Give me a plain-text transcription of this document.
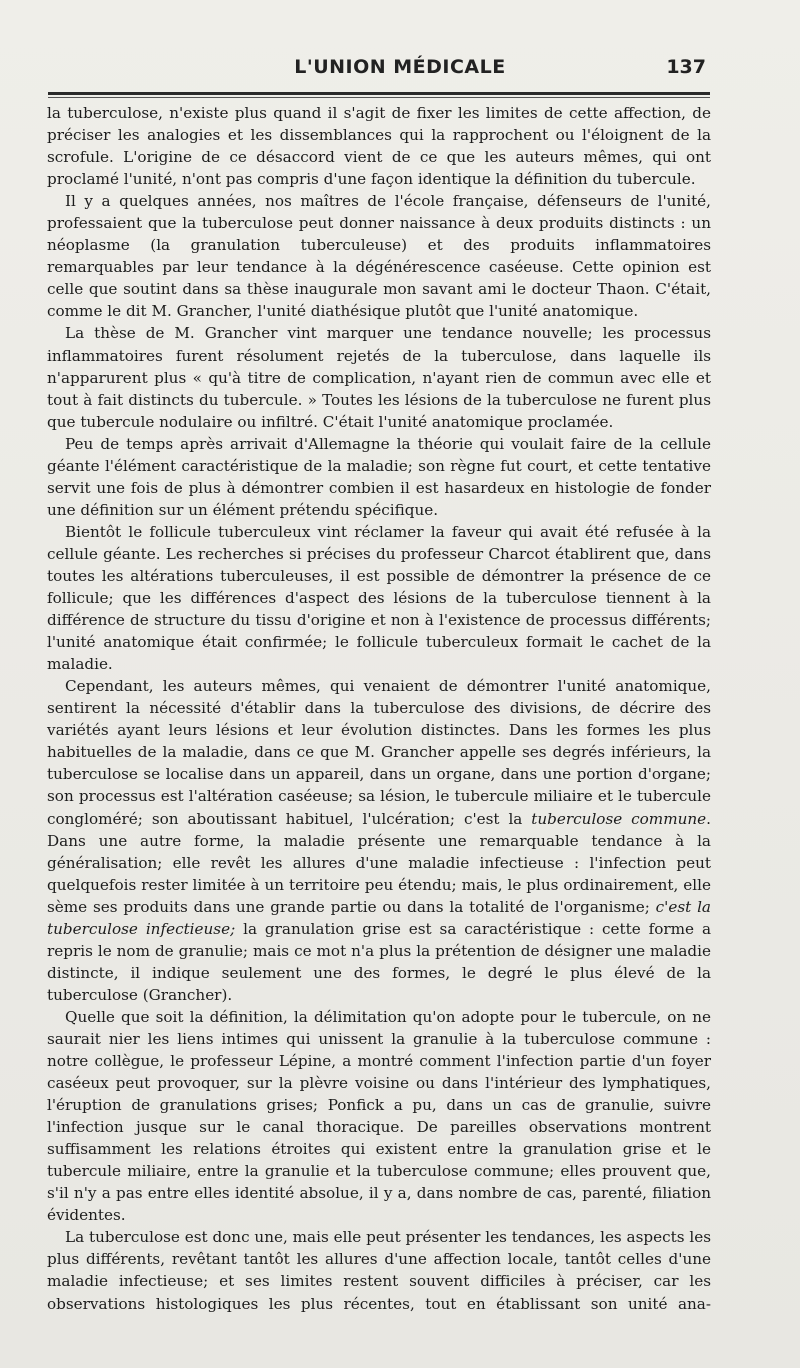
L'UNION MÉDICALE	137

la tuberculose, n'existe plus quand il s'agit de fixer les limites de cette affection, de préciser les analogies et les dissemblances qui la rapprochent ou l'éloignent de la scrofule. L'origine de ce désaccord vient de ce que les auteurs mêmes, qui ont proclamé l'unité, n'ont pas compris d'une façon identique la définition du tubercule.

Il y a quelques années, nos maîtres de l'école française, défenseurs de l'unité, professaient que la tuberculose peut donner naissance à deux produits distincts : un néoplasme (la granulation tuberculeuse) et des produits inflammatoires remarquables par leur tendance à la dégénérescence caséeuse. Cette opinion est celle que soutint dans sa thèse inaugurale mon savant ami le docteur Thaon. C'était, comme le dit M. Grancher, l'unité diathésique plutôt que l'unité anatomique.

La thèse de M. Grancher vint marquer une tendance nouvelle; les processus inflammatoires furent résolument rejetés de la tuberculose, dans laquelle ils n'apparurent plus « qu'à titre de complication, n'ayant rien de commun avec elle et tout à fait distincts du tubercule. » Toutes les lésions de la tuberculose ne furent plus que tubercule nodulaire ou infiltré. C'était l'unité anatomique proclamée.

Peu de temps après arrivait d'Allemagne la théorie qui voulait faire de la cellule géante l'élément caractéristique de la maladie; son règne fut court, et cette tentative servit une fois de plus à démontrer combien il est hasardeux en histologie de fonder une définition sur un élément prétendu spécifique.

Bientôt le follicule tuberculeux vint réclamer la faveur qui avait été refusée à la cellule géante. Les recherches si précises du professeur Charcot établirent que, dans toutes les altérations tuberculeuses, il est possible de démontrer la présence de ce follicule; que les différences d'aspect des lésions de la tuberculose tiennent à la différence de structure du tissu d'origine et non à l'existence de processus différents; l'unité anatomique était confirmée; le follicule tuberculeux formait le cachet de la maladie.

Cependant, les auteurs mêmes, qui venaient de démontrer l'unité anatomique, sentirent la nécessité d'établir dans la tuberculose des divisions, de décrire des variétés ayant leurs lésions et leur évolution distinctes. Dans les formes les plus habituelles de la maladie, dans ce que M. Grancher appelle ses degrés inférieurs, la tuberculose se localise dans un appareil, dans un organe, dans une portion d'organe; son processus est l'altération caséeuse; sa lésion, le tubercule miliaire et le tubercule congloméré; son aboutissant habituel, l'ulcération; c'est la tuberculose commune. Dans une autre forme, la maladie présente une remarquable tendance à la généralisation; elle revêt les allures d'une maladie infectieuse : l'infection peut quelquefois rester limitée à un territoire peu étendu; mais, le plus ordinairement, elle sème ses produits dans une grande partie ou dans la totalité de l'organisme; c'est la tuberculose infectieuse; la granulation grise est sa caractéristique : cette forme a repris le nom de granulie; mais ce mot n'a plus la prétention de désigner une maladie distincte, il indique seulement une des formes, le degré le plus élevé de la tuberculose (Grancher).

Quelle que soit la définition, la délimitation qu'on adopte pour le tubercule, on ne saurait nier les liens intimes qui unissent la granulie à la tuberculose commune : notre collègue, le professeur Lépine, a montré comment l'infection partie d'un foyer caséeux peut provoquer, sur la plèvre voisine ou dans l'intérieur des lymphatiques, l'éruption de granulations grises; Ponfick a pu, dans un cas de granulie, suivre l'infection jusque sur le canal thoracique. De pareilles observations montrent suffisamment les relations étroites qui existent entre la granulation grise et le tubercule miliaire, entre la granulie et la tuberculose commune; elles prouvent que, s'il n'y a pas entre elles identité absolue, il y a, dans nombre de cas, parenté, filiation évidentes.

La tuberculose est donc une, mais elle peut présenter les tendances, les aspects les plus différents, revêtant tantôt les allures d'une affection locale, tantôt celles d'une maladie infectieuse; et ses limites restent souvent difficiles à préciser, car les observations histologiques les plus récentes, tout en établissant son unité ana-
